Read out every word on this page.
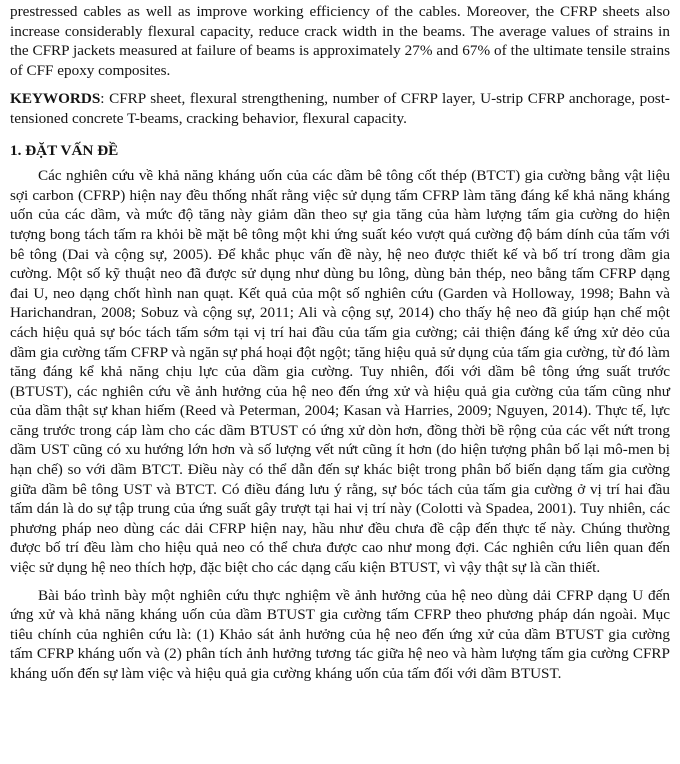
prestressed cables as well as improve working efficiency of the cables. Moreover, the CFRP sheets also increase considerably flexural capacity, reduce crack width in the beams. The average values of strains in the CFRP jackets measured at failure of beams is approximately 27% and 67% of the ultimate tensile strains of CFF epoxy composites.

KEYWORDS: CFRP sheet, flexural strengthening, number of CFRP layer, U-strip CFRP anchorage, post-tensioned concrete T-beams, cracking behavior, flexural capacity.

1. ĐẶT VẤN ĐỀ

Các nghiên cứu về khả năng kháng uốn của các dầm bê tông cốt thép (BTCT) gia cường bằng vật liệu sợi carbon (CFRP) hiện nay đều thống nhất rằng việc sử dụng tấm CFRP làm tăng đáng kể khả năng kháng uốn của các dầm, và mức độ tăng này giảm dần theo sự gia tăng của hàm lượng tấm gia cường do hiện tượng bong tách tấm ra khỏi bề mặt bê tông một khi ứng suất kéo vượt quá cường độ bám dính của tấm với bê tông (Dai và cộng sự, 2005). Để khắc phục vấn đề này, hệ neo được thiết kế và bố trí trong dầm gia cường. Một số kỹ thuật neo đã được sử dụng như dùng bu lông, dùng bản thép, neo bằng tấm CFRP dạng đai U, neo dạng chốt hình nan quạt. Kết quả của một số nghiên cứu (Garden và Holloway, 1998; Bahn và Harichandran, 2008; Sobuz và cộng sự, 2011; Ali và cộng sự, 2014) cho thấy hệ neo đã giúp hạn chế một cách hiệu quả sự bóc tách tấm sớm tại vị trí hai đầu của tấm gia cường; cải thiện đáng kể ứng xử dẻo của dầm gia cường tấm CFRP và ngăn sự phá hoại đột ngột; tăng hiệu quả sử dụng của tấm gia cường, từ đó làm tăng đáng kể khả năng chịu lực của dầm gia cường. Tuy nhiên, đối với dầm bê tông ứng suất trước (BTUST), các nghiên cứu về ảnh hưởng của hệ neo đến ứng xử và hiệu quả gia cường của tấm cũng như của dầm thật sự khan hiếm (Reed và Peterman, 2004; Kasan và Harries, 2009; Nguyen, 2014). Thực tế, lực căng trước trong cáp làm cho các dầm BTUST có ứng xử dòn hơn, đồng thời bề rộng của các vết nứt trong dầm UST cũng có xu hướng lớn hơn và số lượng vết nứt cũng ít hơn (do hiện tượng phân bố lại mô-men bị hạn chế) so với dầm BTCT. Điều này có thể dẫn đến sự khác biệt trong phân bố biến dạng tấm gia cường giữa dầm bê tông UST và BTCT. Có điều đáng lưu ý rằng, sự bóc tách của tấm gia cường ở vị trí hai đầu tấm dán là do sự tập trung của ứng suất gây trượt tại hai vị trí này (Colotti và Spadea, 2001). Tuy nhiên, các phương pháp neo dùng các dải CFRP hiện nay, hầu như đều chưa đề cập đến thực tế này. Chúng thường được bố trí đều làm cho hiệu quả neo có thể chưa được cao như mong đợi. Các nghiên cứu liên quan đến việc sử dụng hệ neo thích hợp, đặc biệt cho các dạng cấu kiện BTUST, vì vậy thật sự là cần thiết.

Bài báo trình bày một nghiên cứu thực nghiệm về ảnh hưởng của hệ neo dùng dải CFRP dạng U đến ứng xử và khả năng kháng uốn của dầm BTUST gia cường tấm CFRP theo phương pháp dán ngoài. Mục tiêu chính của nghiên cứu là: (1) Khảo sát ảnh hưởng của hệ neo đến ứng xử của dầm BTUST gia cường tấm CFRP kháng uốn và (2) phân tích ảnh hưởng tương tác giữa hệ neo và hàm lượng tấm gia cường CFRP kháng uốn đến sự làm việc và hiệu quả gia cường kháng uốn của tấm đối với dầm BTUST.
